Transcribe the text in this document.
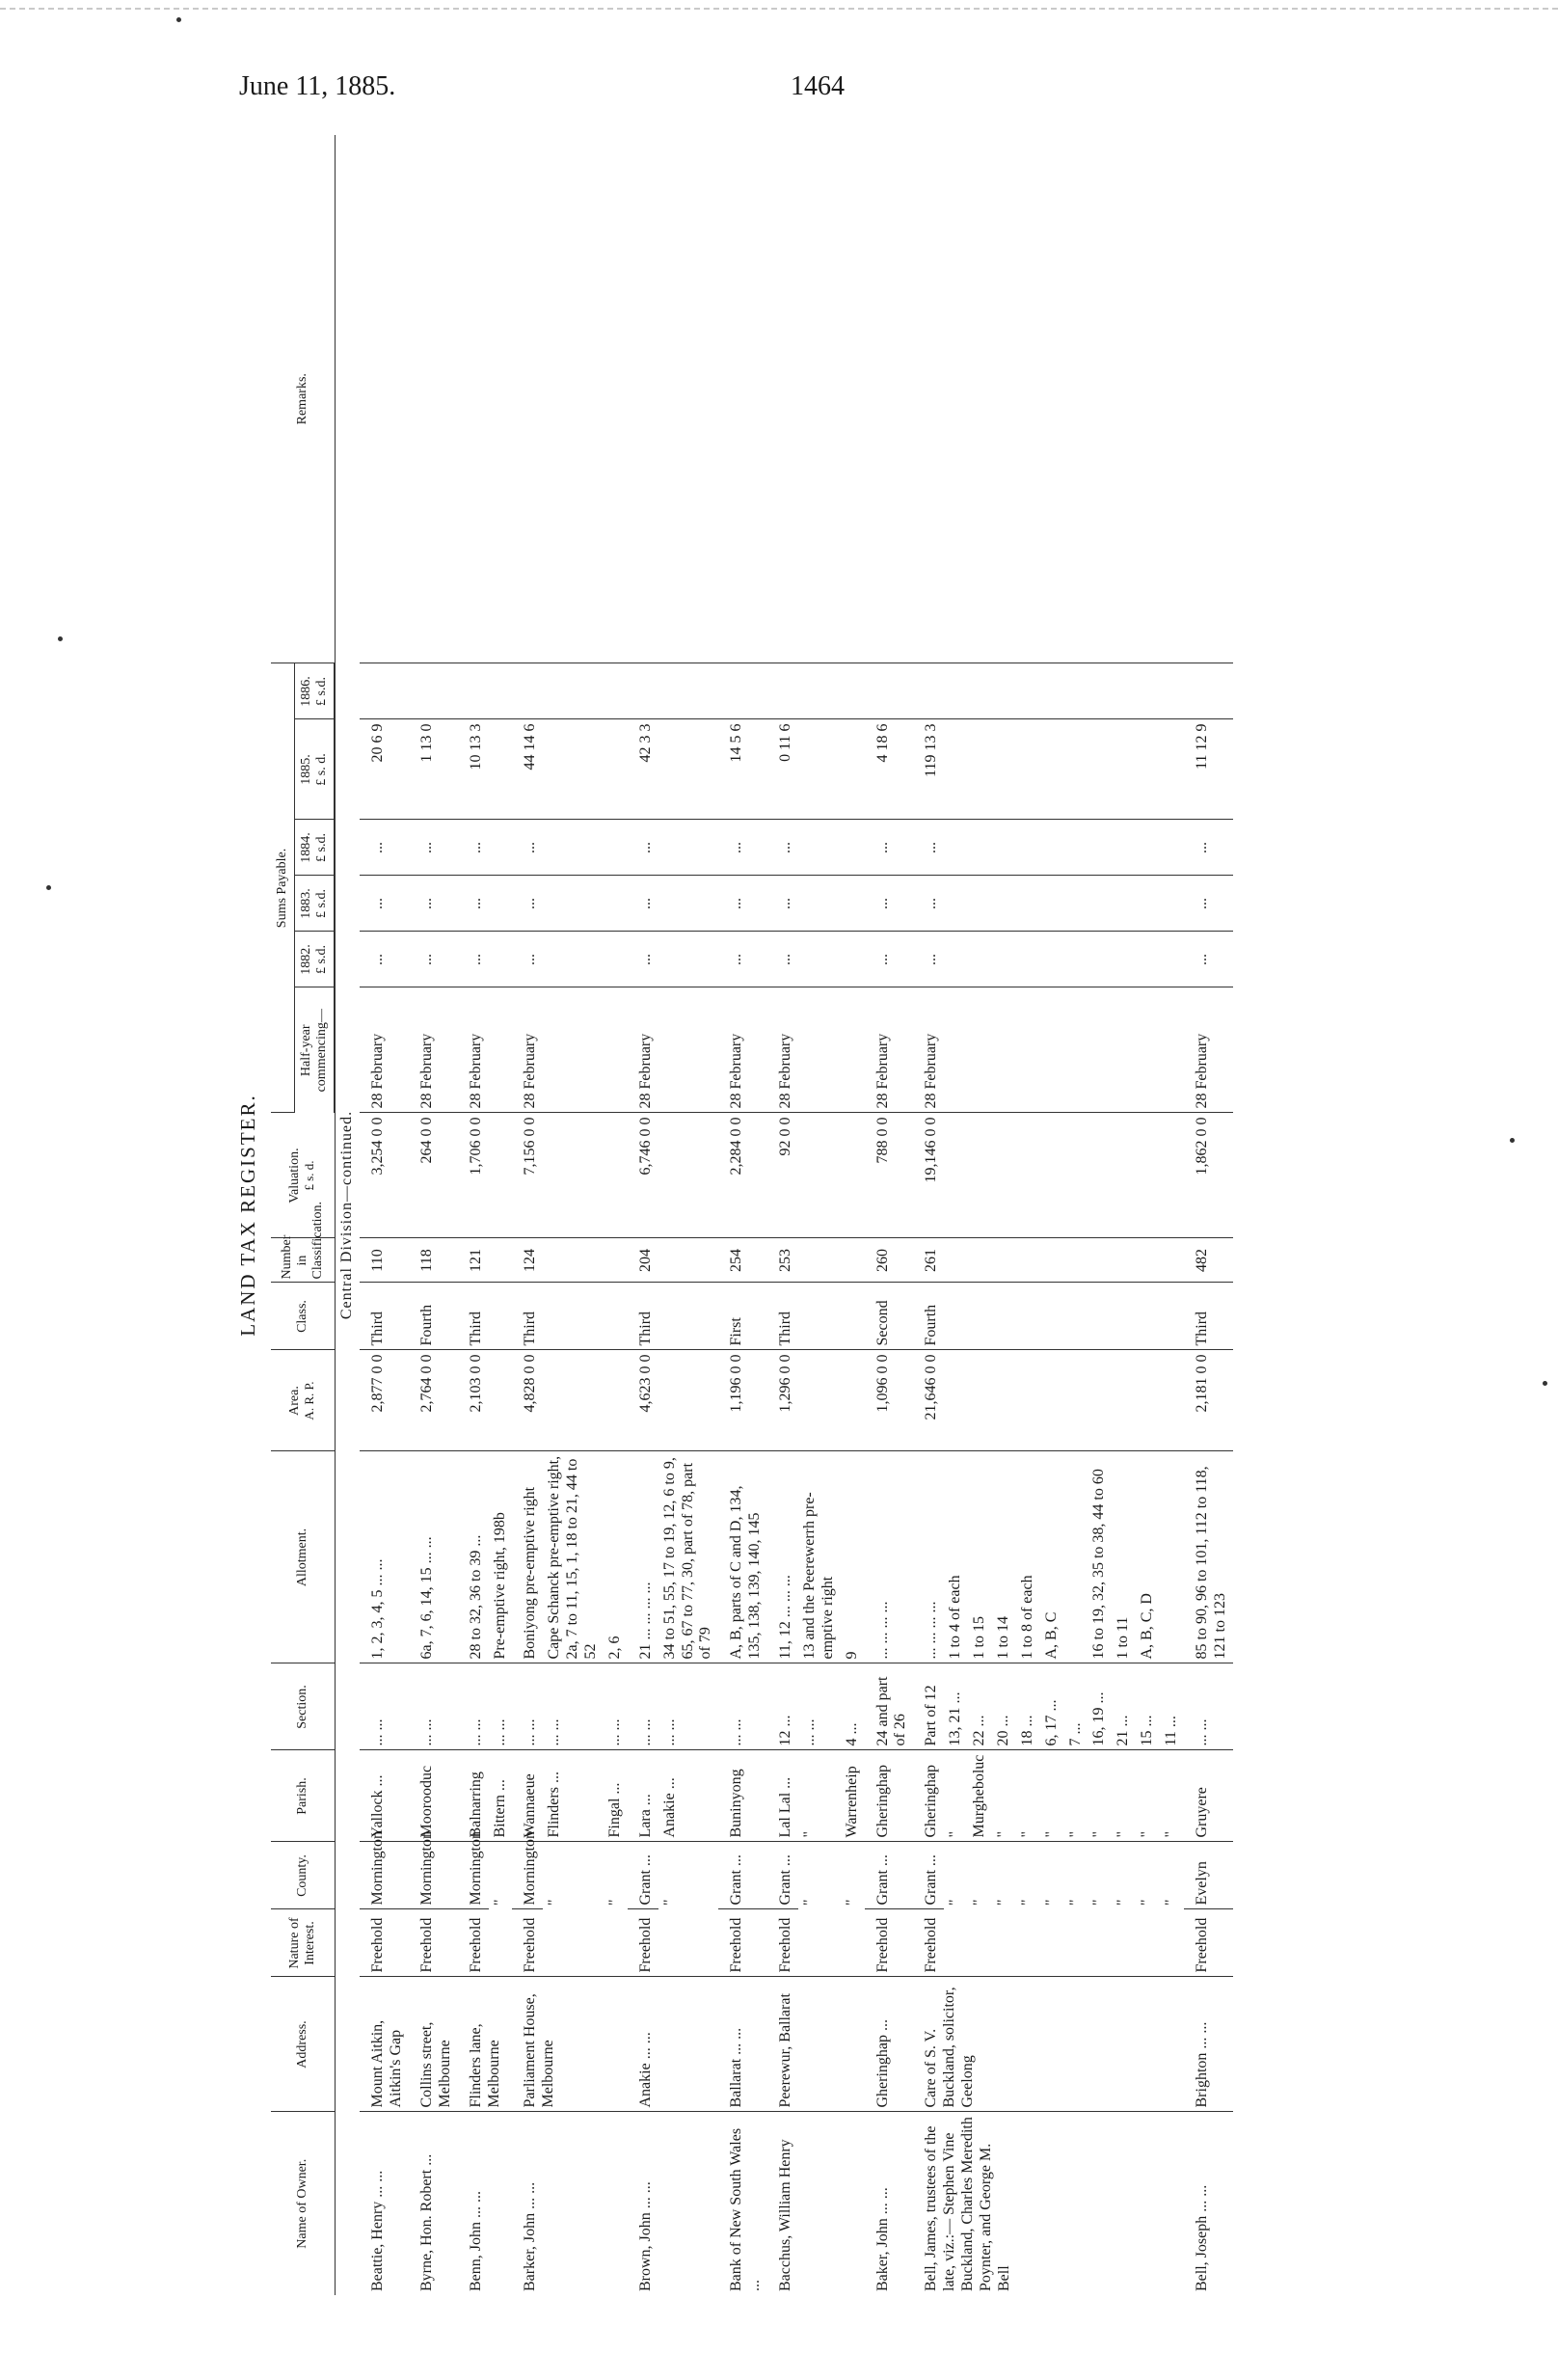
June 11, 1885.	1464
LAND TAX REGISTER.
Name of Owner.	Address.	Nature of Interest.	County.	Parish.	Section.	Allotment.	Area. A. R. P.	Class.	Number in Classification.	Valuation. £ s. d.	Sums Payable.						Remarks.
											Half-year commencing—	1882. £ s.d.	1883. £ s.d.	1884. £ s.d.	1885. £ s. d.	1886. £ s.d.	

Central Division—continued.																	
Beattie, Henry ... ...	Mount Aitkin, Aitkin's Gap	Freehold	Mornington	Yallock ...	... ...	1, 2, 3, 4, 5 ... ...	2,877 0 0	Third	110	3,254 0 0	28 February	...	...	...	20 6 9		
Byrne, Hon. Robert ...	Collins street, Melbourne	Freehold	Mornington	Moorooduc	... ...	6a, 7, 6, 14, 15 ... ...	2,764 0 0	Fourth	118	264 0 0	28 February	...	...	...	1 13 0		
Benn, John ... ...	Flinders lane, Melbourne	Freehold	Mornington	Balnarring	... ...	28 to 32, 36 to 39 ...	2,103 0 0	Third	121	1,706 0 0	28 February	...	...	...	10 13 3		
			"	Bittern ...	... ...	Pre-emptive right, 198b											
Barker, John ... ...	Parliament House, Melbourne	Freehold	Mornington	Wannaeue	... ...	Boniyong pre-emptive right	4,828 0 0	Third	124	7,156 0 0	28 February	...	...	...	44 14 6		
			"	Flinders ...	... ...	Cape Schanck pre-emptive right, 2a, 7 to 11, 15, 1, 18 to 21, 44 to 52											
			"	Fingal ...	... ...	2, 6											
Brown, John ... ...	Anakie ... ...	Freehold	Grant ...	Lara ...	... ...	21 ... ... ... ...	4,623 0 0	Third	204	6,746 0 0	28 February	...	...	...	42 3 3		
			"	Anakie ...	... ...	34 to 51, 55, 17 to 19, 12, 6 to 9, 65, 67 to 77, 30, part of 78, part of 79											
Bank of New South Wales ...	Ballarat ... ...	Freehold	Grant ...	Buninyong	... ...	A, B, parts of C and D, 134, 135, 138, 139, 140, 145	1,196 0 0	First	254	2,284 0 0	28 February	...	...	...	14 5 6		
Bacchus, William Henry	Peerewur, Ballarat	Freehold	Grant ...	Lal Lal ...	12 ...	11, 12 ... ... ...	1,296 0 0	Third	253	92 0 0	28 February	...	...	...	0 11 6		
			"	"	... ...	13 and the Peerewerrh pre-emptive right											
			"	Warrenheip	4 ...	9											
Baker, John ... ...	Gheringhap ...	Freehold	Grant ...	Gheringhap	24 and part of 26	... ... ... ...	1,096 0 0	Second	260	788 0 0	28 February	...	...	...	4 18 6		
Bell, James, trustees of the late, viz.:— Stephen Vine Buckland, Charles Meredith Poynter, and George M. Bell	Care of S. V. Buckland, solicitor, Geelong	Freehold	Grant ...	Gheringhap	Part of 12	... ... ... ...	21,646 0 0	Fourth	261	19,146 0 0	28 February	...	...	...	119 13 3		
			"	"	13, 21 ...	1 to 4 of each											
			"	Murgheboluc	22 ...	1 to 15											
			"	"	20 ...	1 to 14											
			"	"	18 ...	1 to 8 of each											
			"	"	6, 17 ...	A, B, C											
			"	"	7 ...												
			"	"	16, 19 ...	16 to 19, 32, 35 to 38, 44 to 60											
			"	"	21 ...	1 to 11											
			"	"	15 ...	A, B, C, D											
			"	"	11 ...												
Bell, Joseph ... ...	Brighton ... ...	Freehold	Evelyn	Gruyere	... ...	85 to 90, 96 to 101, 112 to 118, 121 to 123	2,181 0 0	Third	482	1,862 0 0	28 February	...	...	...	11 12 9		
